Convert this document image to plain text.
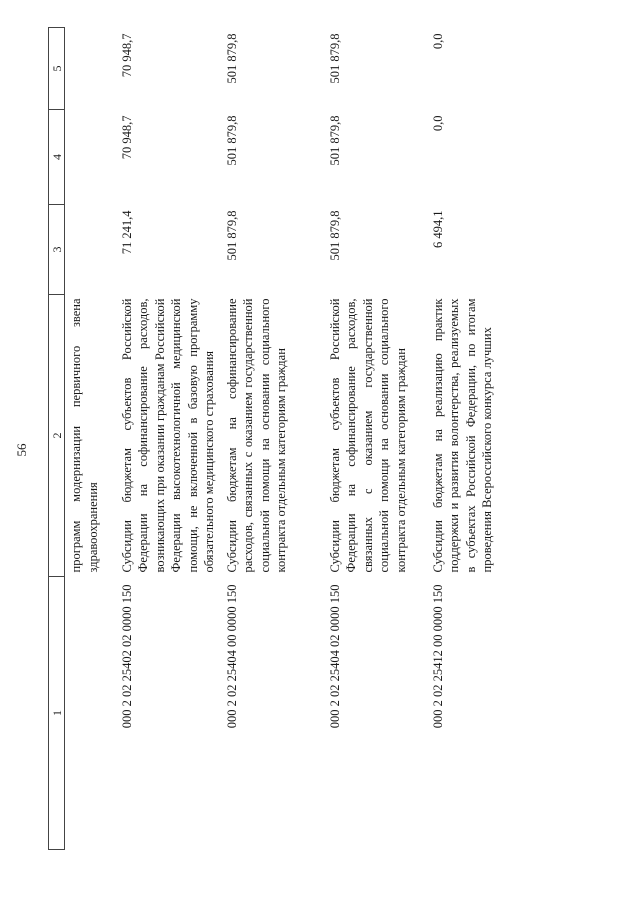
56
1	2	3	4	5
	программ модернизации первичного звена здравоохранения			
000 2 02 25402 02 0000 150	Субсидии бюджетам субъектов Российской Федерации на софинансирование расходов, возникающих при оказании гражданам Российской Федерации высокотехнологичной медицинской помощи, не включенной в базовую программу обязательного медицинского страхования	71 241,4	70 948,7	70 948,7
000 2 02 25404 00 0000 150	Субсидии бюджетам на софинансирование расходов, связанных с оказанием государственной социальной помощи на основании социального контракта отдельным категориям граждан	501 879,8	501 879,8	501 879,8
000 2 02 25404 02 0000 150	Субсидии бюджетам субъектов Российской Федерации на софинансирование расходов, связанных с оказанием государственной социальной помощи на основании социального контракта отдельным категориям граждан	501 879,8	501 879,8	501 879,8
000 2 02 25412 00 0000 150	Субсидии бюджетам на реализацию практик поддержки и развития волонтерства, реализуемых в субъектах Российской Федерации, по итогам проведения Всероссийского конкурса лучших	6 494,1	0,0	0,0
